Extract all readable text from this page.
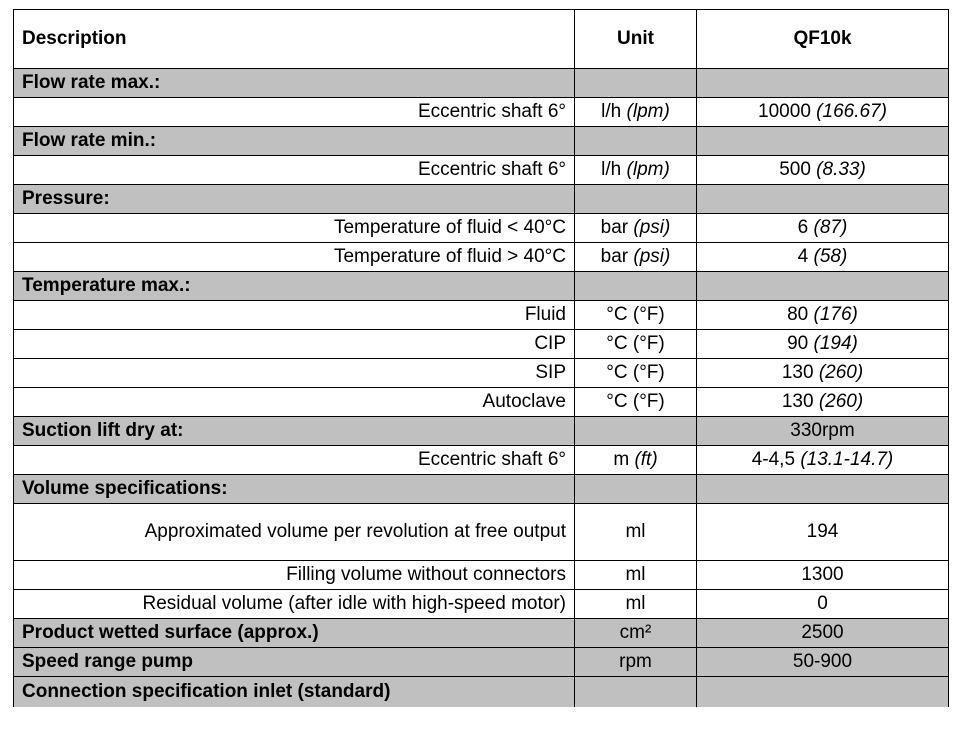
Description	Unit	QF10k
Flow rate max.:		
Eccentric shaft 6°	l/h (lpm)	10000 (166.67)
Flow rate min.:		
Eccentric shaft 6°	l/h (lpm)	500 (8.33)
Pressure:		
Temperature of fluid < 40°C	bar (psi)	6 (87)
Temperature of fluid > 40°C	bar (psi)	4 (58)
Temperature max.:		
Fluid	°C (°F)	80 (176)
CIP	°C (°F)	90 (194)
SIP	°C (°F)	130 (260)
Autoclave	°C (°F)	130 (260)
Suction lift dry at:		330rpm
Eccentric shaft 6°	m (ft)	4-4,5 (13.1-14.7)
Volume specifications:		
Approximated volume per revolution at free output	ml	194
Filling volume without connectors	ml	1300
Residual volume (after idle with high-speed motor)	ml	0
Product wetted surface (approx.)	cm²	2500
Speed range pump	rpm	50-900
Connection specification inlet (standard)		
